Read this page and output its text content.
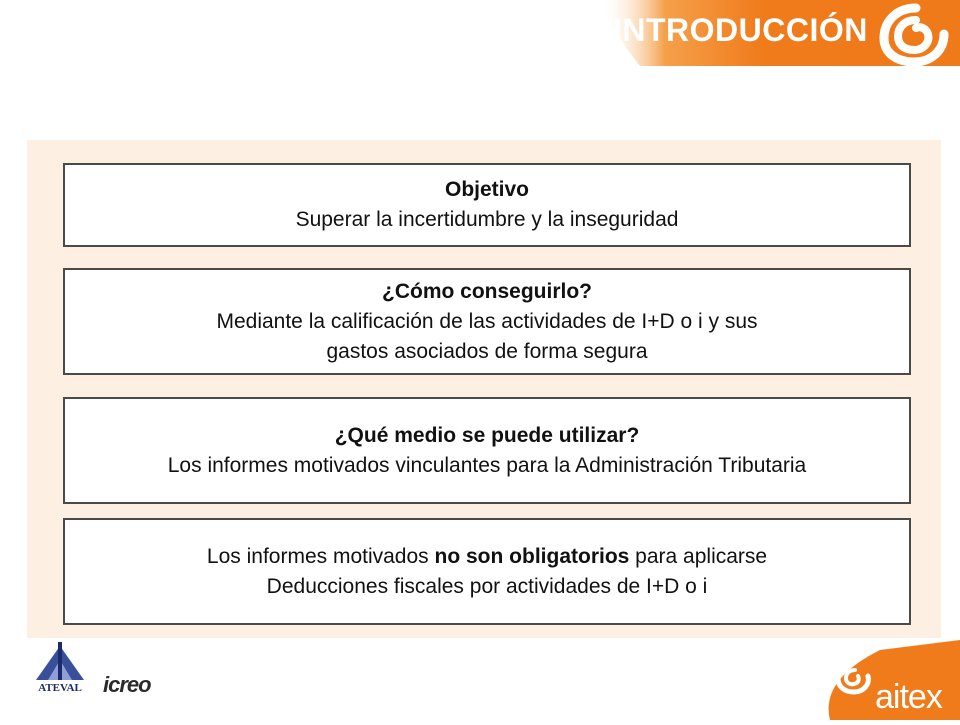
INTRODUCCIÓN
Objetivo
Superar la incertidumbre y la inseguridad
¿Cómo conseguirlo?
Mediante la calificación de las actividades de I+D o i y sus
gastos asociados de forma segura
¿Qué medio se puede utilizar?
Los informes motivados vinculantes para la Administración Tributaria
Los informes motivados no son obligatorios para aplicarse
Deducciones fiscales por actividades de I+D o i
ATEVAL icreo	aitex
